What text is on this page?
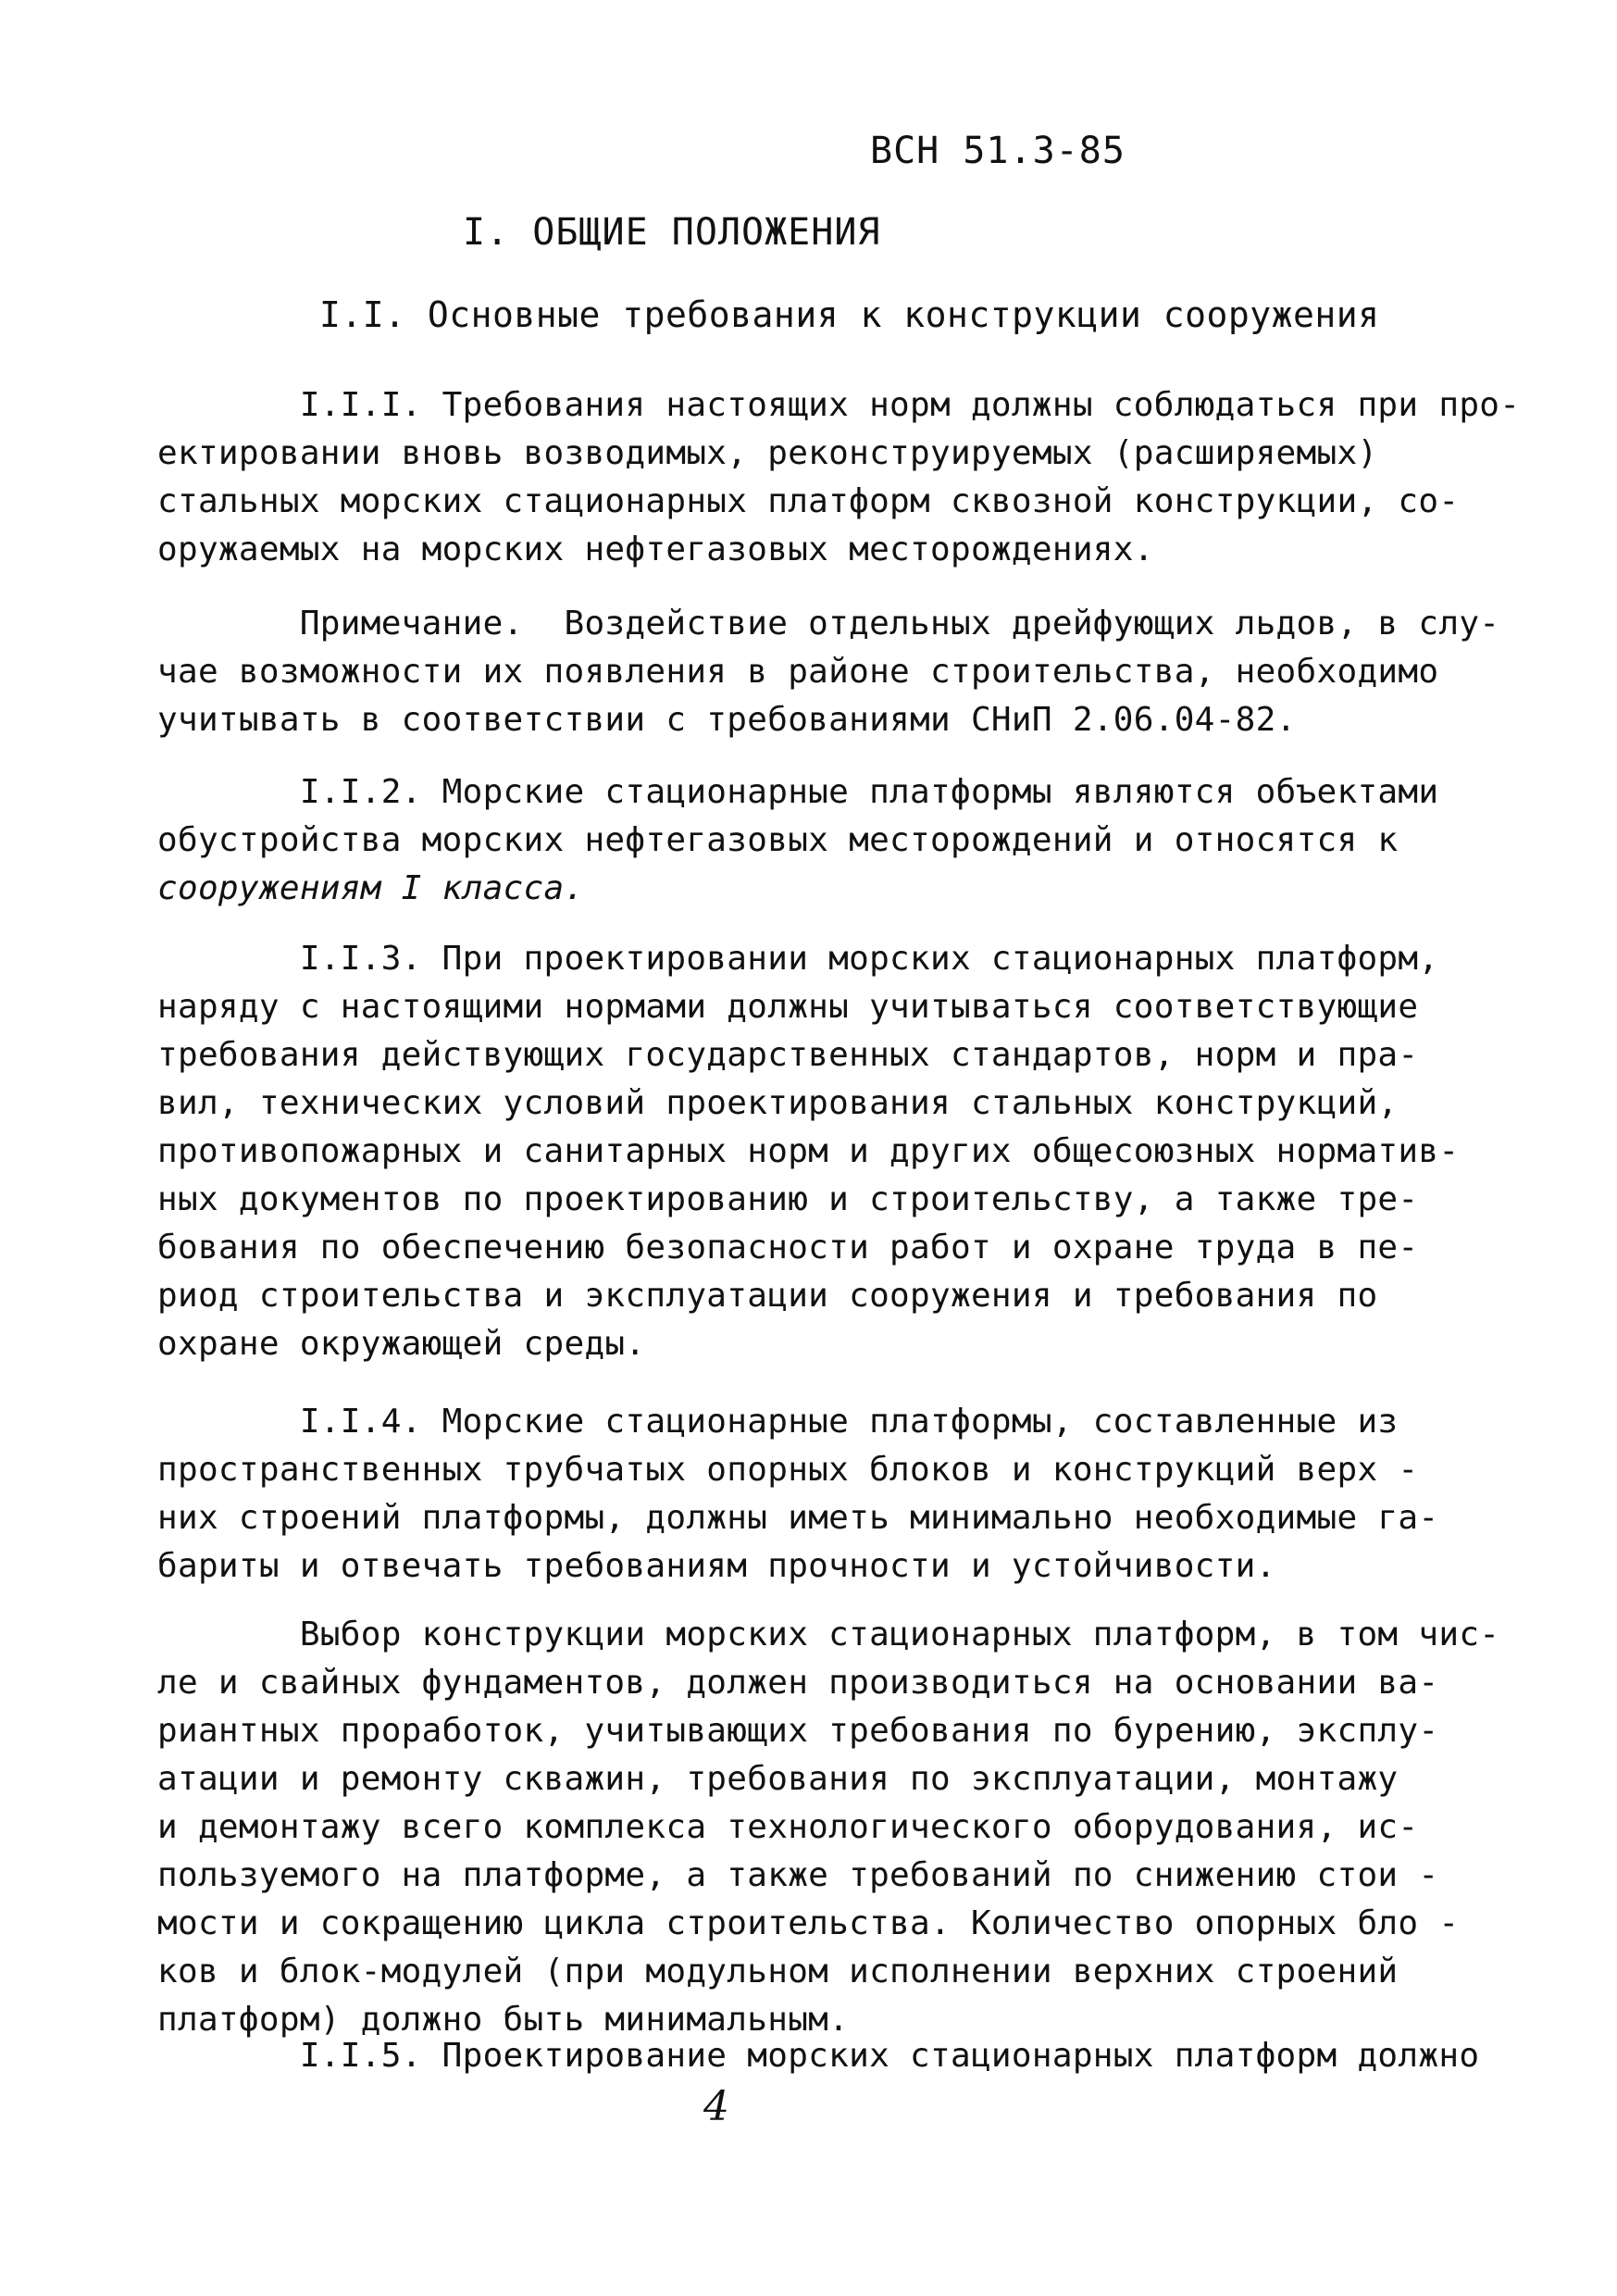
ВСН 51.3-85
I. ОБЩИЕ ПОЛОЖЕНИЯ
I.I. Основные требования к конструкции сооружения
I.I.I. Требования настоящих норм должны соблюдаться при про-
ектировании вновь возводимых, реконструируемых (расширяемых)
стальных морских стационарных платформ сквозной конструкции, со-
оружаемых на морских нефтегазовых месторождениях.
Примечание.  Воздействие отдельных дрейфующих льдов, в слу-
чае возможности их появления в районе строительства, необходимо
учитывать в соответствии с требованиями СНиП 2.06.04-82.
I.I.2. Морские стационарные платформы являются объектами
обустройства морских нефтегазовых месторождений и относятся к
сооружениям I класса.
I.I.3. При проектировании морских стационарных платформ,
наряду с настоящими нормами должны учитываться соответствующие
требования действующих государственных стандартов, норм и пра-
вил, технических условий проектирования стальных конструкций,
противопожарных и санитарных норм и других общесоюзных норматив-
ных документов по проектированию и строительству, а также тре-
бования по обеспечению безопасности работ и охране труда в пе-
риод строительства и эксплуатации сооружения и требования по
охране окружающей среды.
I.I.4. Морские стационарные платформы, составленные из
пространственных трубчатых опорных блоков и конструкций верх -
них строений платформы, должны иметь минимально необходимые га-
бариты и отвечать требованиям прочности и устойчивости.
Выбор конструкции морских стационарных платформ, в том чис-
ле и свайных фундаментов, должен производиться на основании ва-
риантных проработок, учитывающих требования по бурению, эксплу-
атации и ремонту скважин, требования по эксплуатации, монтажу
и демонтажу всего комплекса технологического оборудования, ис-
пользуемого на платформе, а также требований по снижению стои -
мости и сокращению цикла строительства. Количество опорных бло -
ков и блок-модулей (при модульном исполнении верхних строений
платформ) должно быть минимальным.
I.I.5. Проектирование морских стационарных платформ должно
4
